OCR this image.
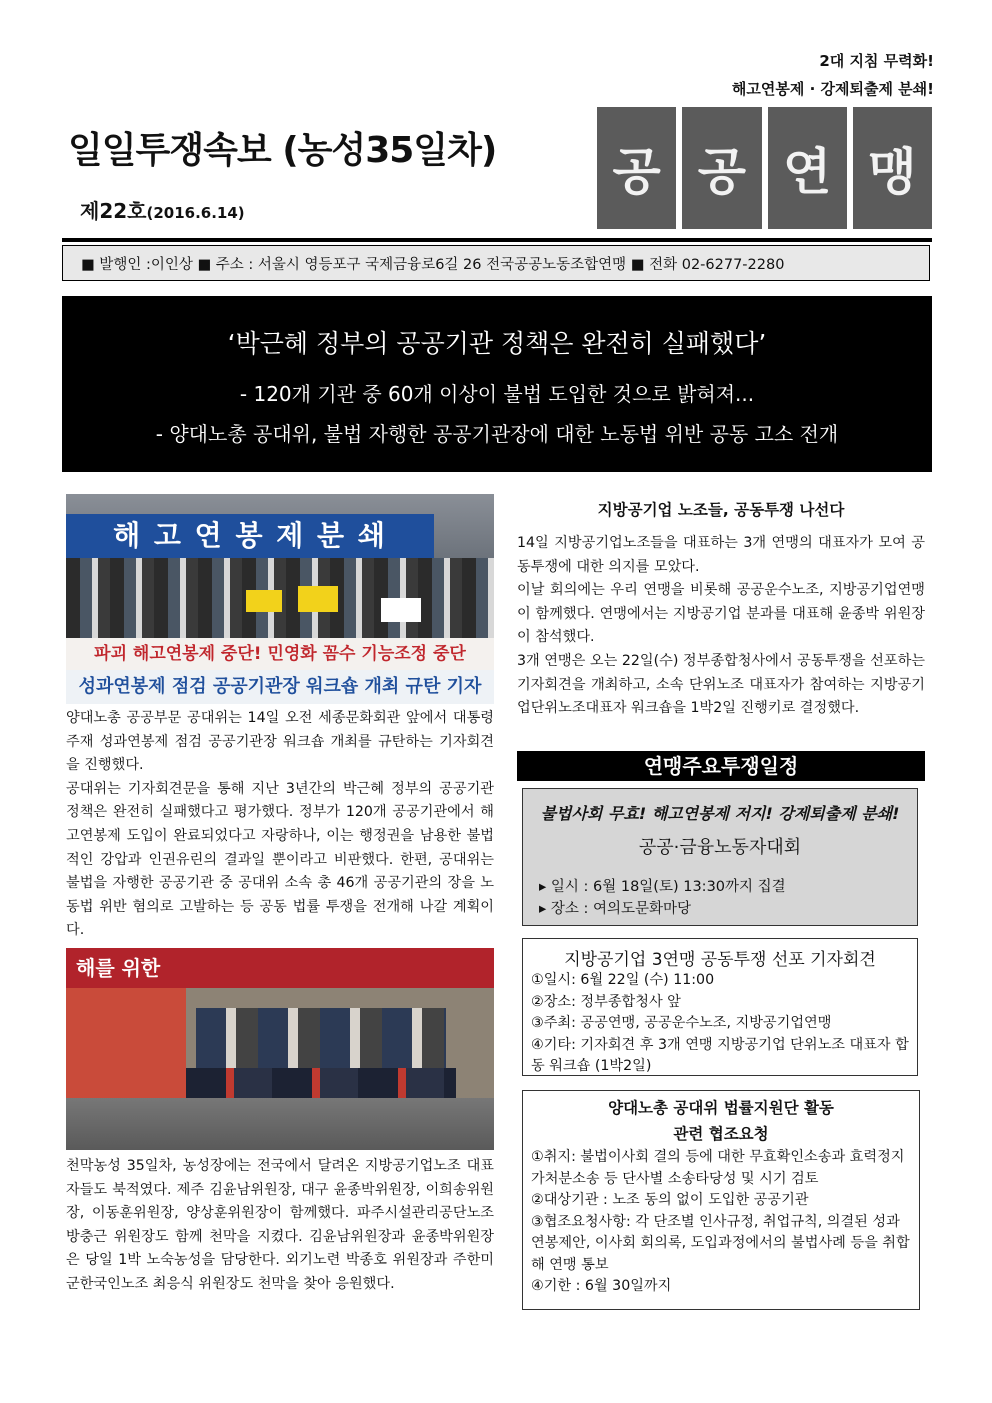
2대 지침 무력화!
해고연봉제 · 강제퇴출제 분쇄!
일일투쟁속보 (농성35일차)
제22호(2016.6.14)
공 공 연 맹
■ 발행인 :이인상
■ 주소 : 서울시 영등포구 국제금융로6길 26 전국공공노동조합연맹
■ 전화 02-6277-2280
‘박근혜 정부의 공공기관 정책은 완전히 실패했다’
- 120개 기관 중 60개 이상이 불법 도입한 것으로 밝혀져...
- 양대노총 공대위, 불법 자행한 공공기관장에 대한 노동법 위반 공동 고소 전개
해 고 연 봉 제 분 쇄
파괴 해고연봉제 중단! 민영화 꼼수 기능조정 중단
성과연봉제 점검 공공기관장 워크숍 개최 규탄 기자
양대노총 공공부문 공대위는 14일 오전 세종문화회관 앞에서 대통령 주재 성과연봉제 점검 공공기관장 워크숍 개최를 규탄하는 기자회견을 진행했다.
공대위는 기자회견문을 통해 지난 3년간의 박근혜 정부의 공공기관 정책은 완전히 실패했다고 평가했다. 정부가 120개 공공기관에서 해고연봉제 도입이 완료되었다고 자랑하나, 이는 행정권을 남용한 불법적인 강압과 인권유린의 결과일 뿐이라고 비판했다. 한편, 공대위는 불법을 자행한 공공기관 중 공대위 소속 총 46개 공공기관의 장을 노동법 위반 혐의로 고발하는 등 공동 법률 투쟁을 전개해 나갈 계획이다.
해를 위한
천막농성 35일차, 농성장에는 전국에서 달려온 지방공기업노조 대표자들도 북적였다. 제주 김윤남위원장, 대구 윤종박위원장, 이희송위원장, 이동훈위원장, 양상훈위원장이 함께했다. 파주시설관리공단노조 방충근 위원장도 함께 천막을 지켰다. 김윤남위원장과 윤종박위원장은 당일 1박 노숙농성을 담당한다. 외기노련 박종호 위원장과 주한미군한국인노조 최응식 위원장도 천막을 찾아 응원했다.
지방공기업 노조들, 공동투쟁 나선다
14일 지방공기업노조들을 대표하는 3개 연맹의 대표자가 모여 공동투쟁에 대한 의지를 모았다.
이날 회의에는 우리 연맹을 비롯해 공공운수노조, 지방공기업연맹이 함께했다. 연맹에서는 지방공기업 분과를 대표해 윤종박 위원장이 참석했다.
3개 연맹은 오는 22일(수) 정부종합청사에서 공동투쟁을 선포하는 기자회견을 개최하고, 소속 단위노조 대표자가 참여하는 지방공기업단위노조대표자 워크숍을 1박2일 진행키로 결정했다.
연맹주요투쟁일정
불법사회 무효! 해고연봉제 저지! 강제퇴출제 분쇄!
공공·금융노동자대회
▸ 일시 : 6월 18일(토) 13:30까지 집결
▸ 장소 : 여의도문화마당
지방공기업 3연맹 공동투쟁 선포 기자회견
①일시: 6월 22일 (수) 11:00
②장소: 정부종합청사 앞
③주최: 공공연맹, 공공운수노조, 지방공기업연맹
④기타: 기자회견 후 3개 연맹 지방공기업 단위노조 대표자 합동 워크숍 (1박2일)
양대노총 공대위 법률지원단 활동
관련 협조요청
①취지: 불법이사회 결의 등에 대한 무효확인소송과 효력정지가처분소송 등 단사별 소송타당성 및 시기 검토
②대상기관 : 노조 동의 없이 도입한 공공기관
③협조요청사항: 각 단조별 인사규정, 취업규칙, 의결된 성과연봉제안, 이사회 회의록, 도입과정에서의 불법사례 등을 취합해 연맹 통보
④기한 : 6월 30일까지
